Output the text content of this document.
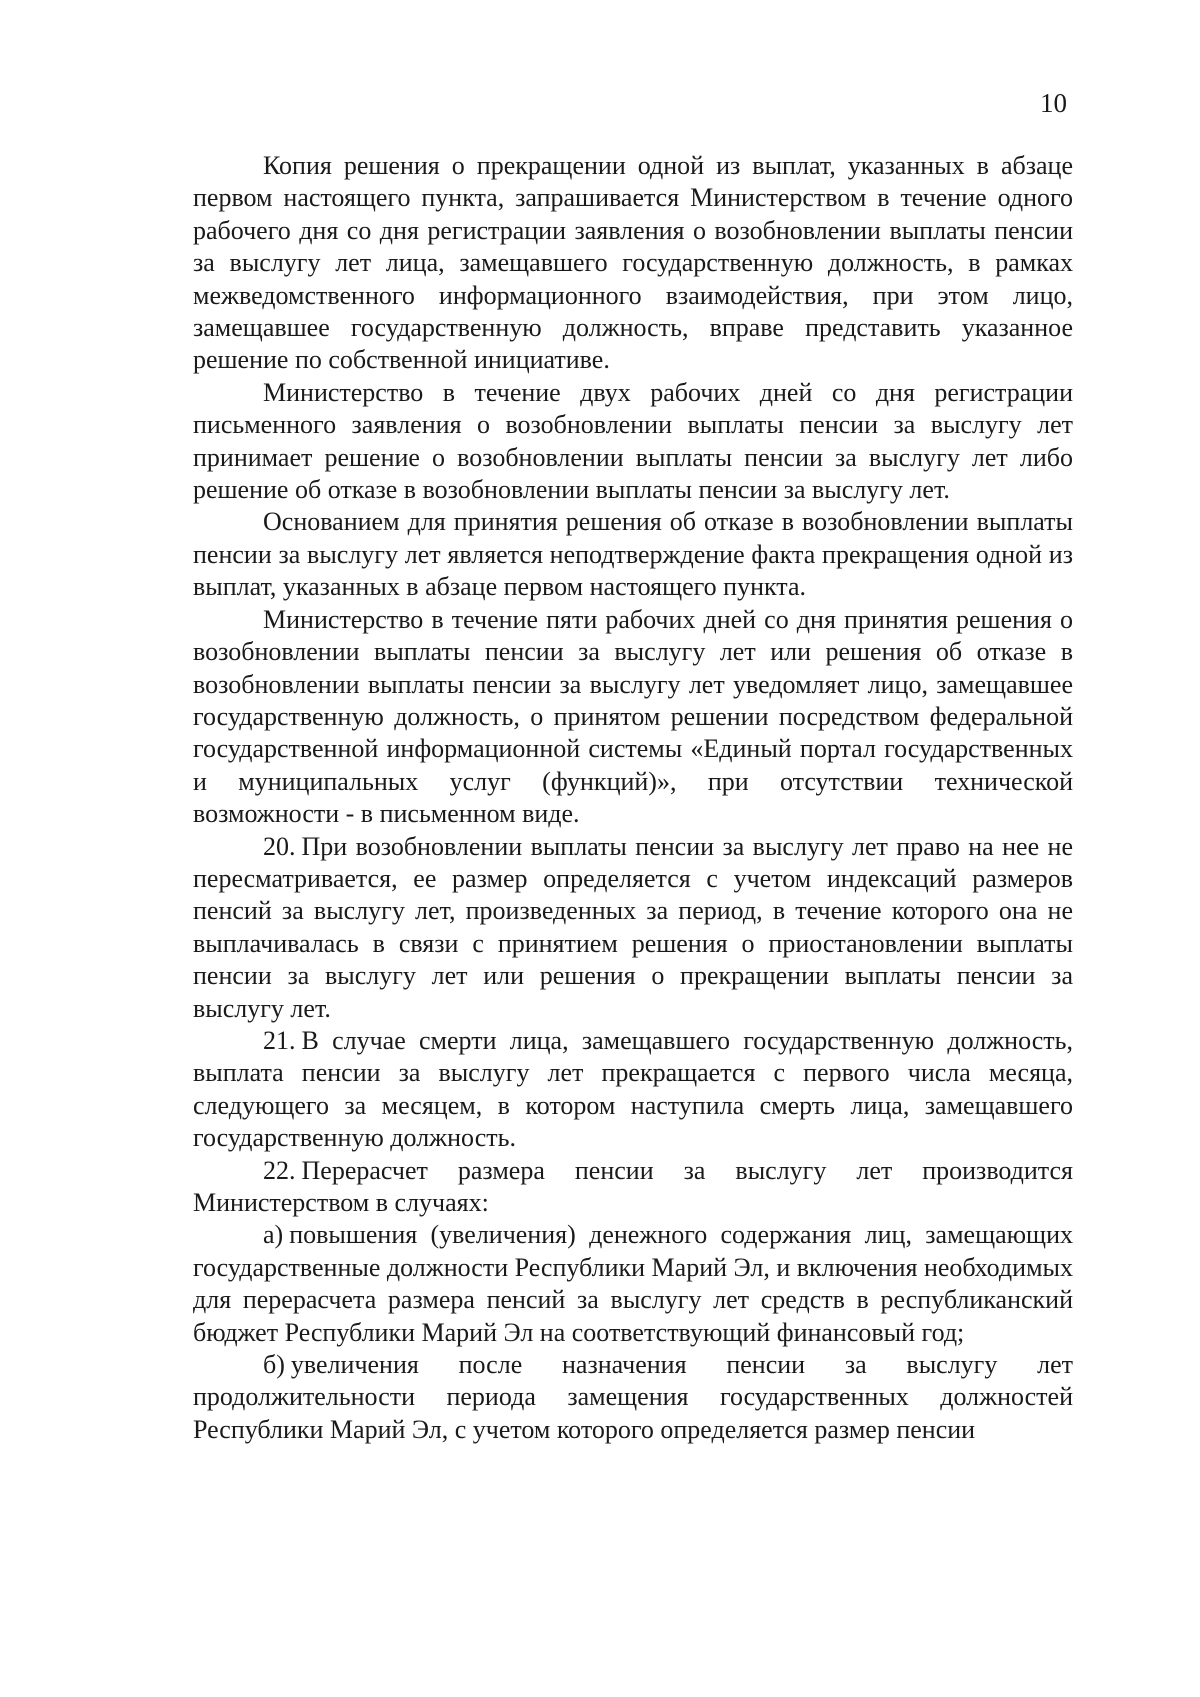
10

Копия решения о прекращении одной из выплат, указанных в абзаце первом настоящего пункта, запрашивается Министерством в течение одного рабочего дня со дня регистрации заявления о возобновлении выплаты пенсии за выслугу лет лица, замещавшего государственную должность, в рамках межведомственного информационного взаимодействия, при этом лицо, замещавшее государственную должность, вправе представить указанное решение по собственной инициативе.

Министерство в течение двух рабочих дней со дня регистрации письменного заявления о возобновлении выплаты пенсии за выслугу лет принимает решение о возобновлении выплаты пенсии за выслугу лет либо решение об отказе в возобновлении выплаты пенсии за выслугу лет.

Основанием для принятия решения об отказе в возобновлении выплаты пенсии за выслугу лет является неподтверждение факта прекращения одной из выплат, указанных в абзаце первом настоящего пункта.

Министерство в течение пяти рабочих дней со дня принятия решения о возобновлении выплаты пенсии за выслугу лет или решения об отказе в возобновлении выплаты пенсии за выслугу лет уведомляет лицо, замещавшее государственную должность, о принятом решении посредством федеральной государственной информационной системы «Единый портал государственных и муниципальных услуг (функций)», при отсутствии технической возможности - в письменном виде.

20. При возобновлении выплаты пенсии за выслугу лет право на нее не пересматривается, ее размер определяется с учетом индексаций размеров пенсий за выслугу лет, произведенных за период, в течение которого она не выплачивалась в связи с принятием решения о приостановлении выплаты пенсии за выслугу лет или решения о прекращении выплаты пенсии за выслугу лет.

21. В случае смерти лица, замещавшего государственную должность, выплата пенсии за выслугу лет прекращается с первого числа месяца, следующего за месяцем, в котором наступила смерть лица, замещавшего государственную должность.

22. Перерасчет размера пенсии за выслугу лет производится Министерством в случаях:

а) повышения (увеличения) денежного содержания лиц, замещающих государственные должности Республики Марий Эл, и включения необходимых для перерасчета размера пенсий за выслугу лет средств в республиканский бюджет Республики Марий Эл на соответствующий финансовый год;

б) увеличения после назначения пенсии за выслугу лет продолжительности периода замещения государственных должностей Республики Марий Эл, с учетом которого определяется размер пенсии
